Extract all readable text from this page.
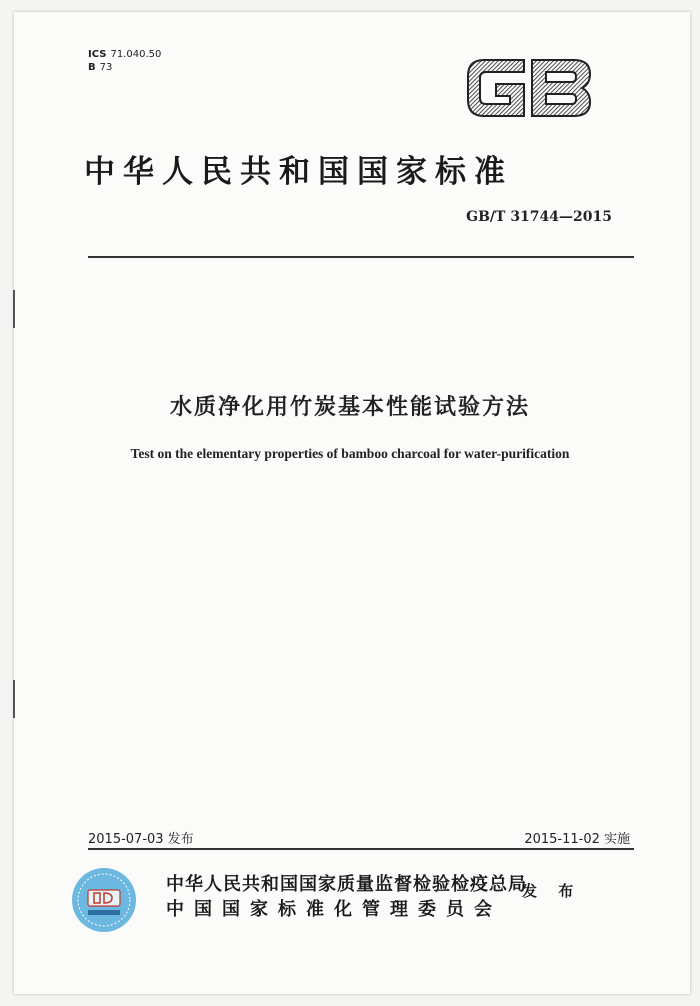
ICS 71.040.50
B 73
GB
中华人民共和国国家标准
GB/T 31744—2015
水质净化用竹炭基本性能试验方法
Test on the elementary properties of bamboo charcoal for water-purification
2015-07-03 发布	2015-11-02 实施
中华人民共和国国家质量监督检验检疫总局
中国国家标准化管理委员会
发 布
